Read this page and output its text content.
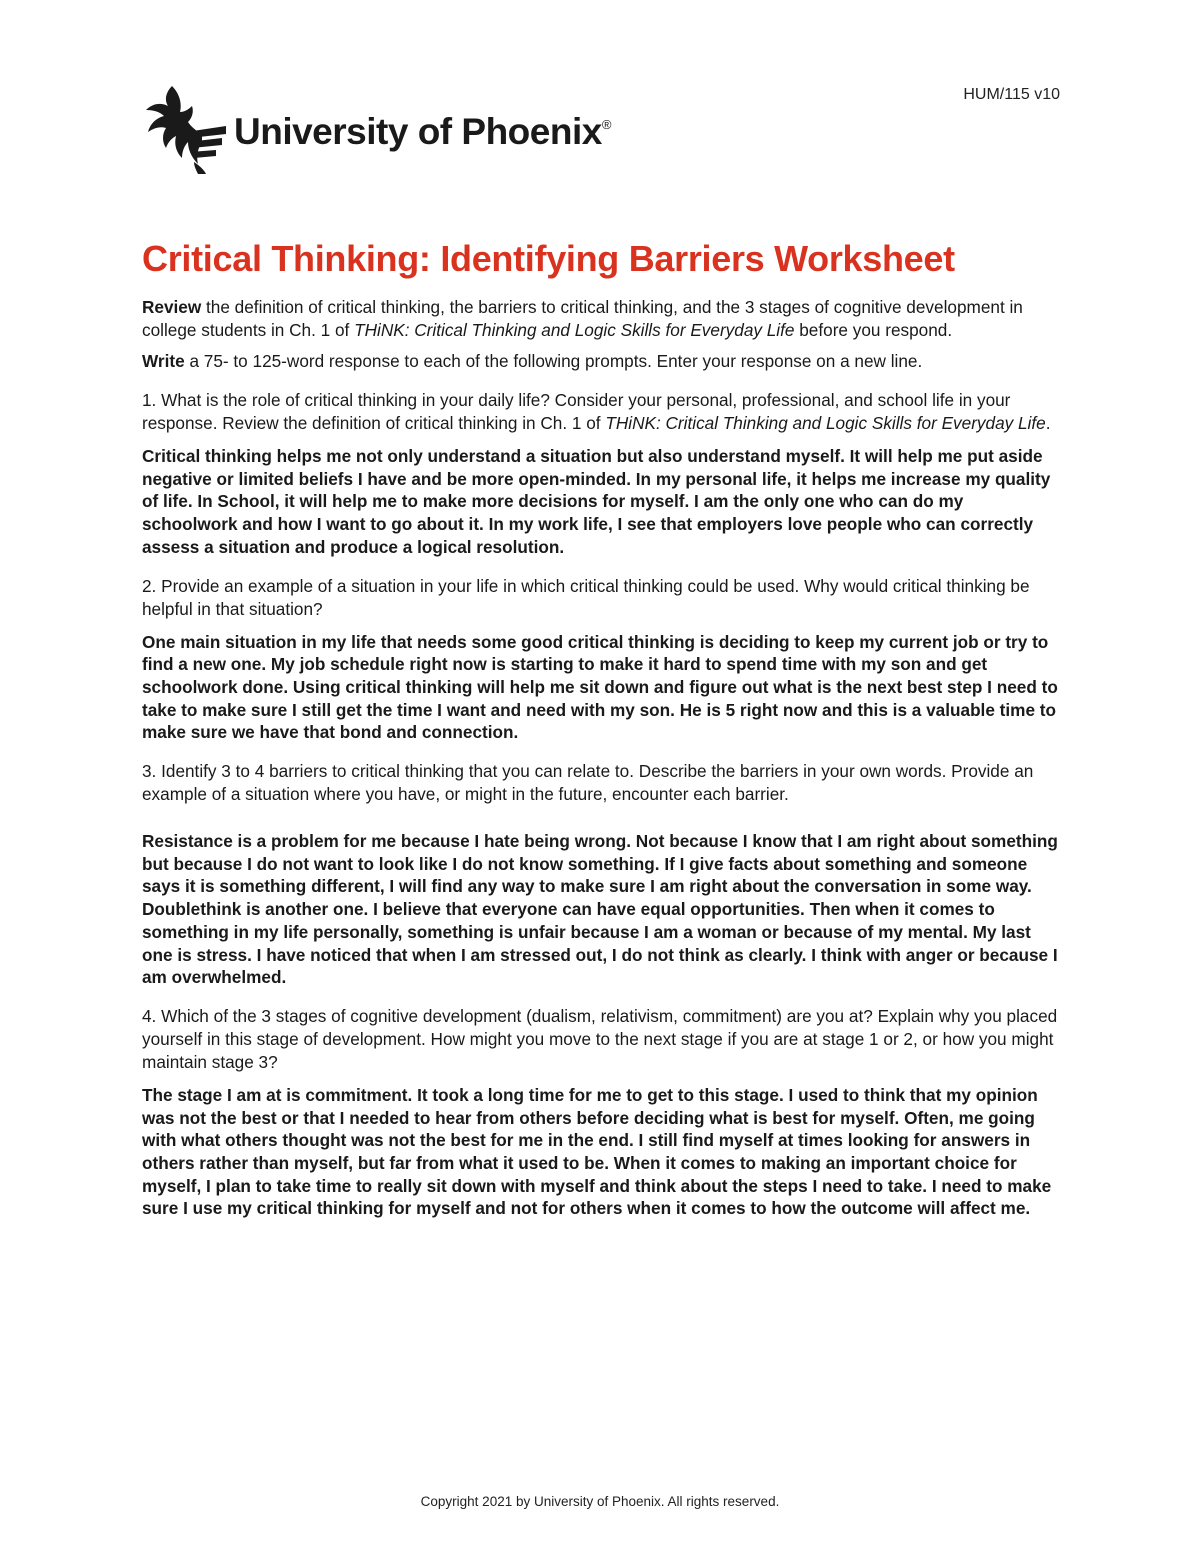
HUM/115 v10
University of Phoenix®
Critical Thinking: Identifying Barriers Worksheet

Review the definition of critical thinking, the barriers to critical thinking, and the 3 stages of cognitive development in college students in Ch. 1 of THiNK: Critical Thinking and Logic Skills for Everyday Life before you respond.

Write a 75- to 125-word response to each of the following prompts. Enter your response on a new line.

1. What is the role of critical thinking in your daily life? Consider your personal, professional, and school life in your response. Review the definition of critical thinking in Ch. 1 of THiNK: Critical Thinking and Logic Skills for Everyday Life.

Critical thinking helps me not only understand a situation but also understand myself. It will help me put aside negative or limited beliefs I have and be more open-minded. In my personal life, it helps me increase my quality of life. In School, it will help me to make more decisions for myself. I am the only one who can do my schoolwork and how I want to go about it. In my work life, I see that employers love people who can correctly assess a situation and produce a logical resolution.

2. Provide an example of a situation in your life in which critical thinking could be used. Why would critical thinking be helpful in that situation?

One main situation in my life that needs some good critical thinking is deciding to keep my current job or try to find a new one. My job schedule right now is starting to make it hard to spend time with my son and get schoolwork done. Using critical thinking will help me sit down and figure out what is the next best step I need to take to make sure I still get the time I want and need with my son. He is 5 right now and this is a valuable time to make sure we have that bond and connection.

3. Identify 3 to 4 barriers to critical thinking that you can relate to. Describe the barriers in your own words. Provide an example of a situation where you have, or might in the future, encounter each barrier.

Resistance is a problem for me because I hate being wrong. Not because I know that I am right about something but because I do not want to look like I do not know something. If I give facts about something and someone says it is something different, I will find any way to make sure I am right about the conversation in some way. Doublethink is another one. I believe that everyone can have equal opportunities. Then when it comes to something in my life personally, something is unfair because I am a woman or because of my mental. My last one is stress. I have noticed that when I am stressed out, I do not think as clearly. I think with anger or because I am overwhelmed.

4. Which of the 3 stages of cognitive development (dualism, relativism, commitment) are you at? Explain why you placed yourself in this stage of development. How might you move to the next stage if you are at stage 1 or 2, or how you might maintain stage 3?

The stage I am at is commitment. It took a long time for me to get to this stage. I used to think that my opinion was not the best or that I needed to hear from others before deciding what is best for myself. Often, me going with what others thought was not the best for me in the end. I still find myself at times looking for answers in others rather than myself, but far from what it used to be. When it comes to making an important choice for myself, I plan to take time to really sit down with myself and think about the steps I need to take. I need to make sure I use my critical thinking for myself and not for others when it comes to how the outcome will affect me.

Copyright 2021 by University of Phoenix. All rights reserved.
